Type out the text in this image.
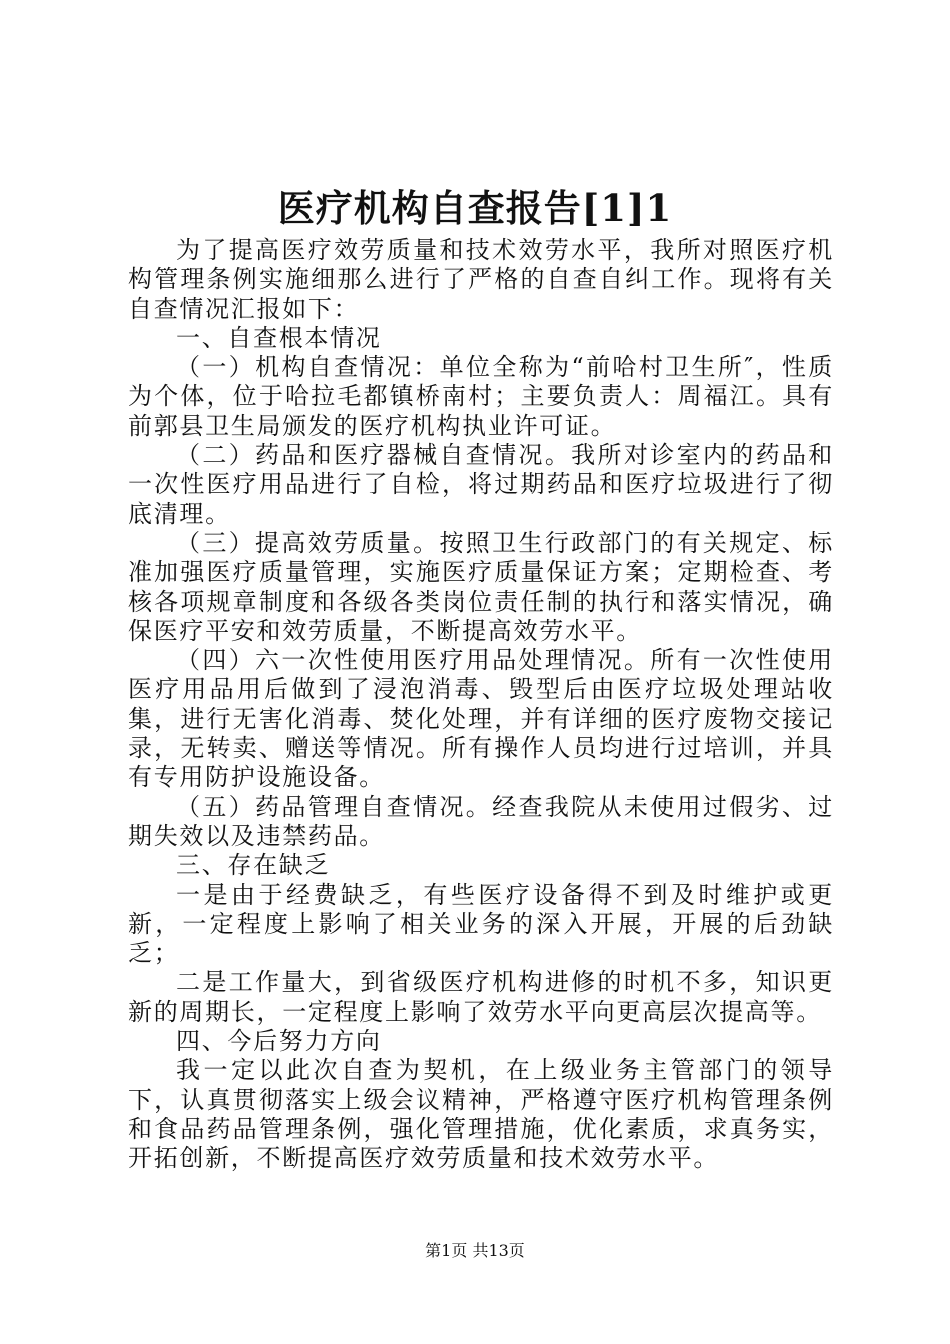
医疗机构自查报告[1]1

为了提高医疗效劳质量和技术效劳水平，我所对照医疗机构管理条例实施细那么进行了严格的自查自纠工作。现将有关自查情况汇报如下：

一、自查根本情况

（一）机构自查情况：单位全称为“前哈村卫生所″，性质为个体，位于哈拉毛都镇桥南村；主要负责人：周福江。具有前郭县卫生局颁发的医疗机构执业许可证。

（二）药品和医疗器械自查情况。我所对诊室内的药品和一次性医疗用品进行了自检，将过期药品和医疗垃圾进行了彻底清理。

（三）提高效劳质量。按照卫生行政部门的有关规定、标准加强医疗质量管理，实施医疗质量保证方案；定期检查、考核各项规章制度和各级各类岗位责任制的执行和落实情况，确保医疗平安和效劳质量，不断提高效劳水平。

（四）六一次性使用医疗用品处理情况。所有一次性使用医疗用品用后做到了浸泡消毒、毁型后由医疗垃圾处理站收集，进行无害化消毒、焚化处理，并有详细的医疗废物交接记录，无转卖、赠送等情况。所有操作人员均进行过培训，并具有专用防护设施设备。

（五）药品管理自查情况。经查我院从未使用过假劣、过期失效以及违禁药品。

三、存在缺乏

一是由于经费缺乏，有些医疗设备得不到及时维护或更新，一定程度上影响了相关业务的深入开展，开展的后劲缺乏；

二是工作量大，到省级医疗机构进修的时机不多，知识更新的周期长，一定程度上影响了效劳水平向更高层次提高等。

四、今后努力方向

我一定以此次自查为契机，在上级业务主管部门的领导下，认真贯彻落实上级会议精神，严格遵守医疗机构管理条例和食品药品管理条例，强化管理措施，优化素质，求真务实，开拓创新，不断提高医疗效劳质量和技术效劳水平。

第1页 共13页
